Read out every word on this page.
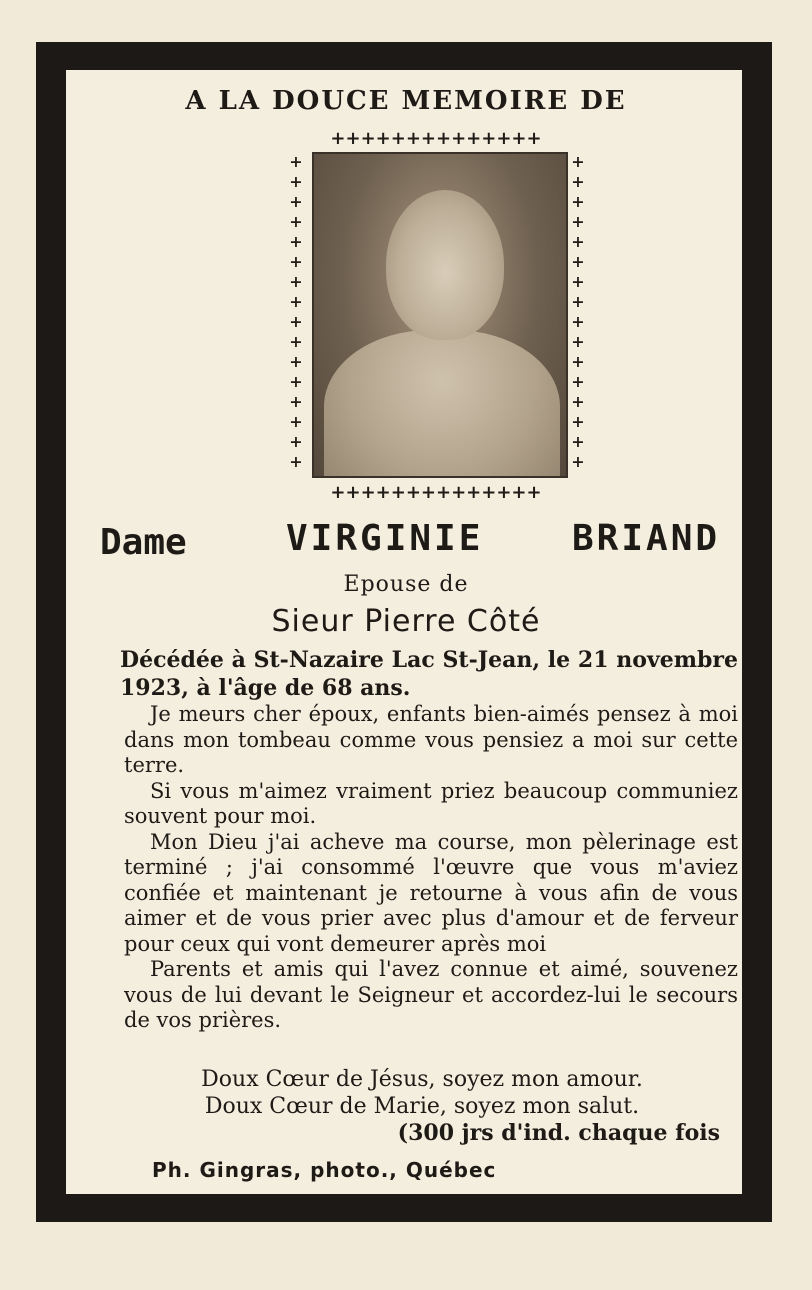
A LA DOUCE MEMOIRE DE
++++++++++++++
+
+
+
+
+
+
+
+
+
+
+
+
+
+
+
+
+
+
+
+
+
+
+
+
+
+
+
+
+
+
+
+
++++++++++++++
Dame	VIRGINIE BRIAND
Epouse de
Sieur Pierre Côté
Décédée à St-Nazaire Lac St-Jean, le 21 novembre 1923, à l'âge de 68 ans.

Je meurs cher époux, enfants bien-aimés pensez à moi dans mon tombeau comme vous pensiez a moi sur cette terre.

Si vous m'aimez vraiment priez beaucoup communiez souvent pour moi.

Mon Dieu j'ai acheve ma course, mon pèlerinage est terminé ; j'ai consommé l'œuvre que vous m'aviez confiée et maintenant je retourne à vous afin de vous aimer et de vous prier avec plus d'amour et de ferveur pour ceux qui vont demeurer après moi

Parents et amis qui l'avez connue et aimé, souvenez vous de lui devant le Seigneur et accordez-lui le secours de vos prières.

Doux Cœur de Jésus, soyez mon amour.
Doux Cœur de Marie, soyez mon salut.
(300 jrs d'ind. chaque fois
Ph. Gingras, photo., Québec
